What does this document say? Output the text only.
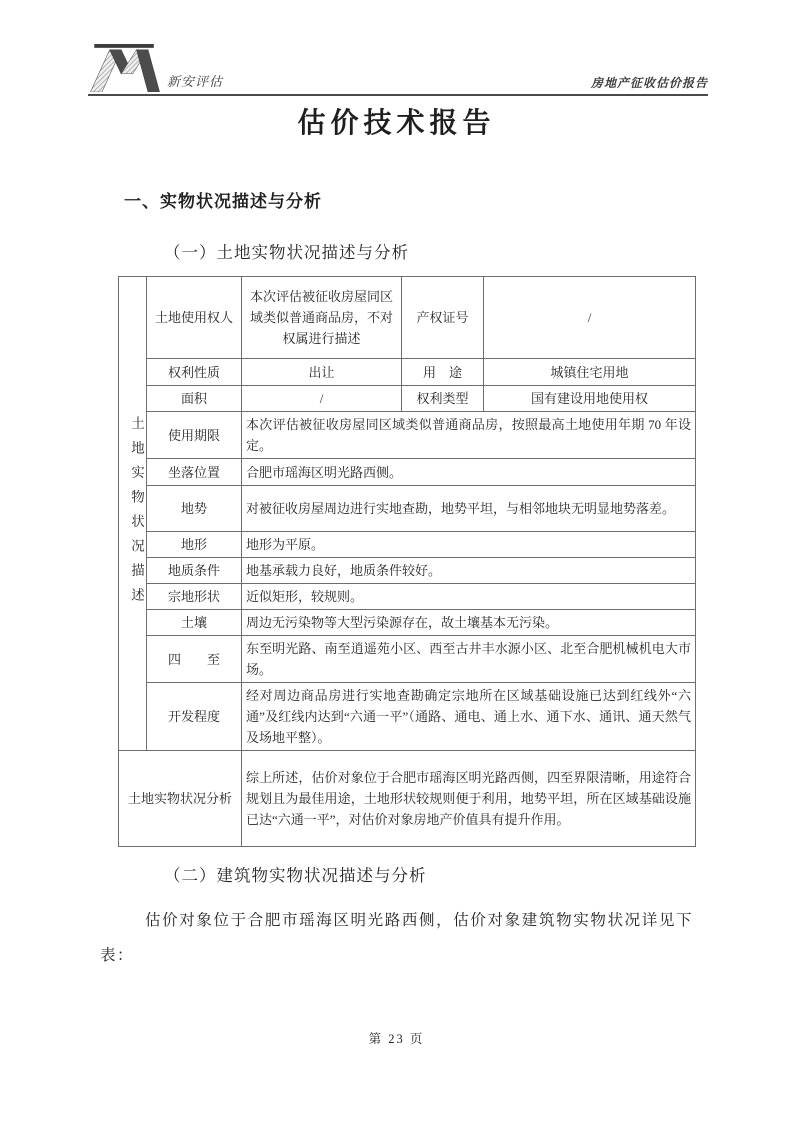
新安评估	房地产征收估价报告
估价技术报告
一、实物状况描述与分析
（一）土地实物状况描述与分析
土地实物状况描述	土地使用权人	本次评估被征收房屋同区域类似普通商品房，不对权属进行描述	产权证号	/
	权利性质	出让	用　途	城镇住宅用地
	面积	/	权利类型	国有建设用地使用权
	使用期限	本次评估被征收房屋同区域类似普通商品房，按照最高土地使用年期 70 年设定。		
	坐落位置	合肥市瑶海区明光路西侧。		
	地势	对被征收房屋周边进行实地查勘，地势平坦，与相邻地块无明显地势落差。		
	地形	地形为平原。		
	地质条件	地基承载力良好，地质条件较好。		
	宗地形状	近似矩形，较规则。		
	土壤	周边无污染物等大型污染源存在，故土壤基本无污染。		
	四　　至	东至明光路、南至逍遥苑小区、西至古井丰水源小区、北至合肥机械机电大市场。		
	开发程度	经对周边商品房进行实地查勘确定宗地所在区域基础设施已达到红线外“六通”及红线内达到“六通一平”（通路、通电、通上水、通下水、通讯、通天然气及场地平整）。		
土地实物状况分析		综上所述，估价对象位于合肥市瑶海区明光路西侧，四至界限清晰，用途符合规划且为最佳用途，土地形状较规则便于利用，地势平坦，所在区域基础设施已达“六通一平”，对估价对象房地产价值具有提升作用。		
（二）建筑物实物状况描述与分析

估价对象位于合肥市瑶海区明光路西侧，估价对象建筑物实物状况详见下表：

第 23 页
